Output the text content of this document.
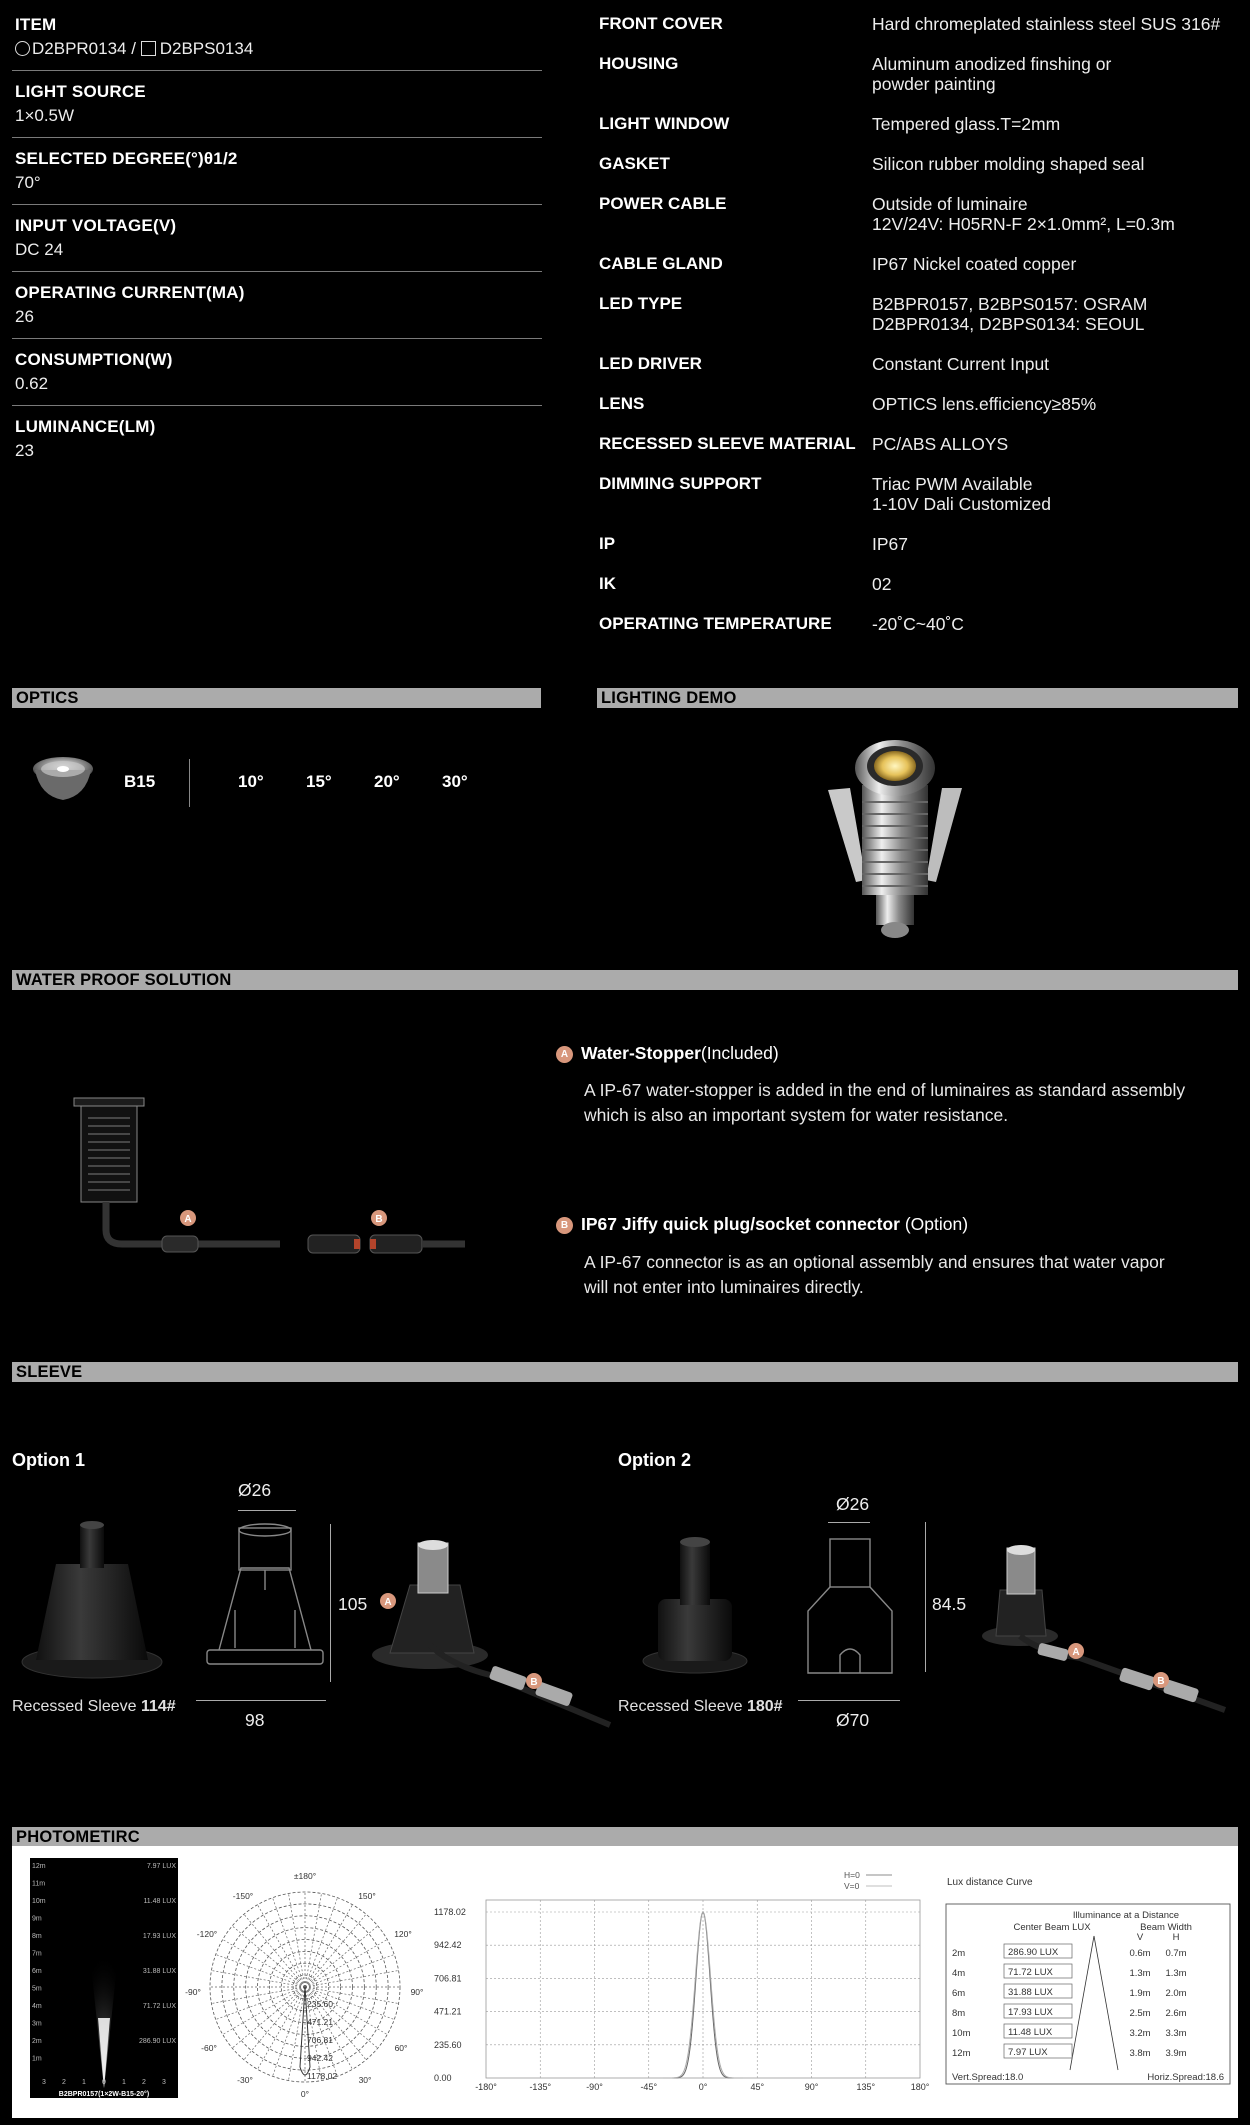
ITEM
D2BPR0134 / D2BPS0134
LIGHT SOURCE
1×0.5W
SELECTED DEGREE(°)θ1/2
70°
INPUT VOLTAGE(V)
DC 24
OPERATING CURRENT(MA)
26
CONSUMPTION(W)
0.62
LUMINANCE(LM)
23
FRONT COVER	Hard chromeplated stainless steel SUS 316#
HOUSING	Aluminum anodized finshing or
powder painting
LIGHT WINDOW	Tempered glass.T=2mm
GASKET	Silicon rubber molding shaped seal
POWER CABLE	Outside of luminaire
12V/24V: H05RN-F 2×1.0mm², L=0.3m
CABLE GLAND	IP67 Nickel coated copper
LED TYPE	B2BPR0157, B2BPS0157: OSRAM
D2BPR0134, D2BPS0134: SEOUL
LED DRIVER	Constant Current Input
LENS	OPTICS lens.efficiency≥85%
RECESSED SLEEVE MATERIAL PC/ABS ALLOYS
DIMMING SUPPORT	Triac PWM Available
1-10V Dali Customized
IP	IP67
IK	02
OPERATING TEMPERATURE	-20˚C~40˚C
OPTICS	LIGHTING DEMO
B15	10° 15° 20° 30°
WATER PROOF SOLUTION
A	B
A Water-Stopper(Included)
A IP-67 water-stopper is added in the end of luminaires as standard assembly
which is also an important system for water resistance.
B IP67 Jiffy quick plug/socket connector (Option)
A IP-67 connector is as an optional assembly and ensures that water vapor
will not enter into luminaires directly.
SLEEVE
Option 1	Option 2
Ø26
105
98
Recessed Sleeve 114#
A
B
Ø26
84.5
Ø70
Recessed Sleeve 180#
A
B
PHOTOMETIRC
12m
11m
10m
9m
8m
7m
6m
5m
4m
3m
2m
1m
7.97 LUX
11.48 LUX
17.93 LUX
31.88 LUX
71.72 LUX
286.90 LUX
3 2 1 0 1 2 3
B2BPR0157(1×2W-B15-20°)
±180°
-150°	150°
-120°	120°
-90°	90°
-60°	60°
-30°	30°
0°
235.60
471.21
706.81
942.42
1178.02
1178.02
942.42
706.81
471.21
235.60
0.00
-180°	-135°	-90°	-45°	0°	45°	90°	135°	180°
H=0
V=0	Lux distance Curve
Illuminance at a Distance
Center Beam LUX	Beam Width
V	H
2m	286.90 LUX	0.6m 0.7m
4m	71.72 LUX	1.3m 1.3m
6m	31.88 LUX	1.9m 2.0m
8m	17.93 LUX	2.5m 2.6m
10m	11.48 LUX	3.2m 3.3m
12m	7.97 LUX	3.8m 3.9m
Vert.Spread:18.0	Horiz.Spread:18.6
